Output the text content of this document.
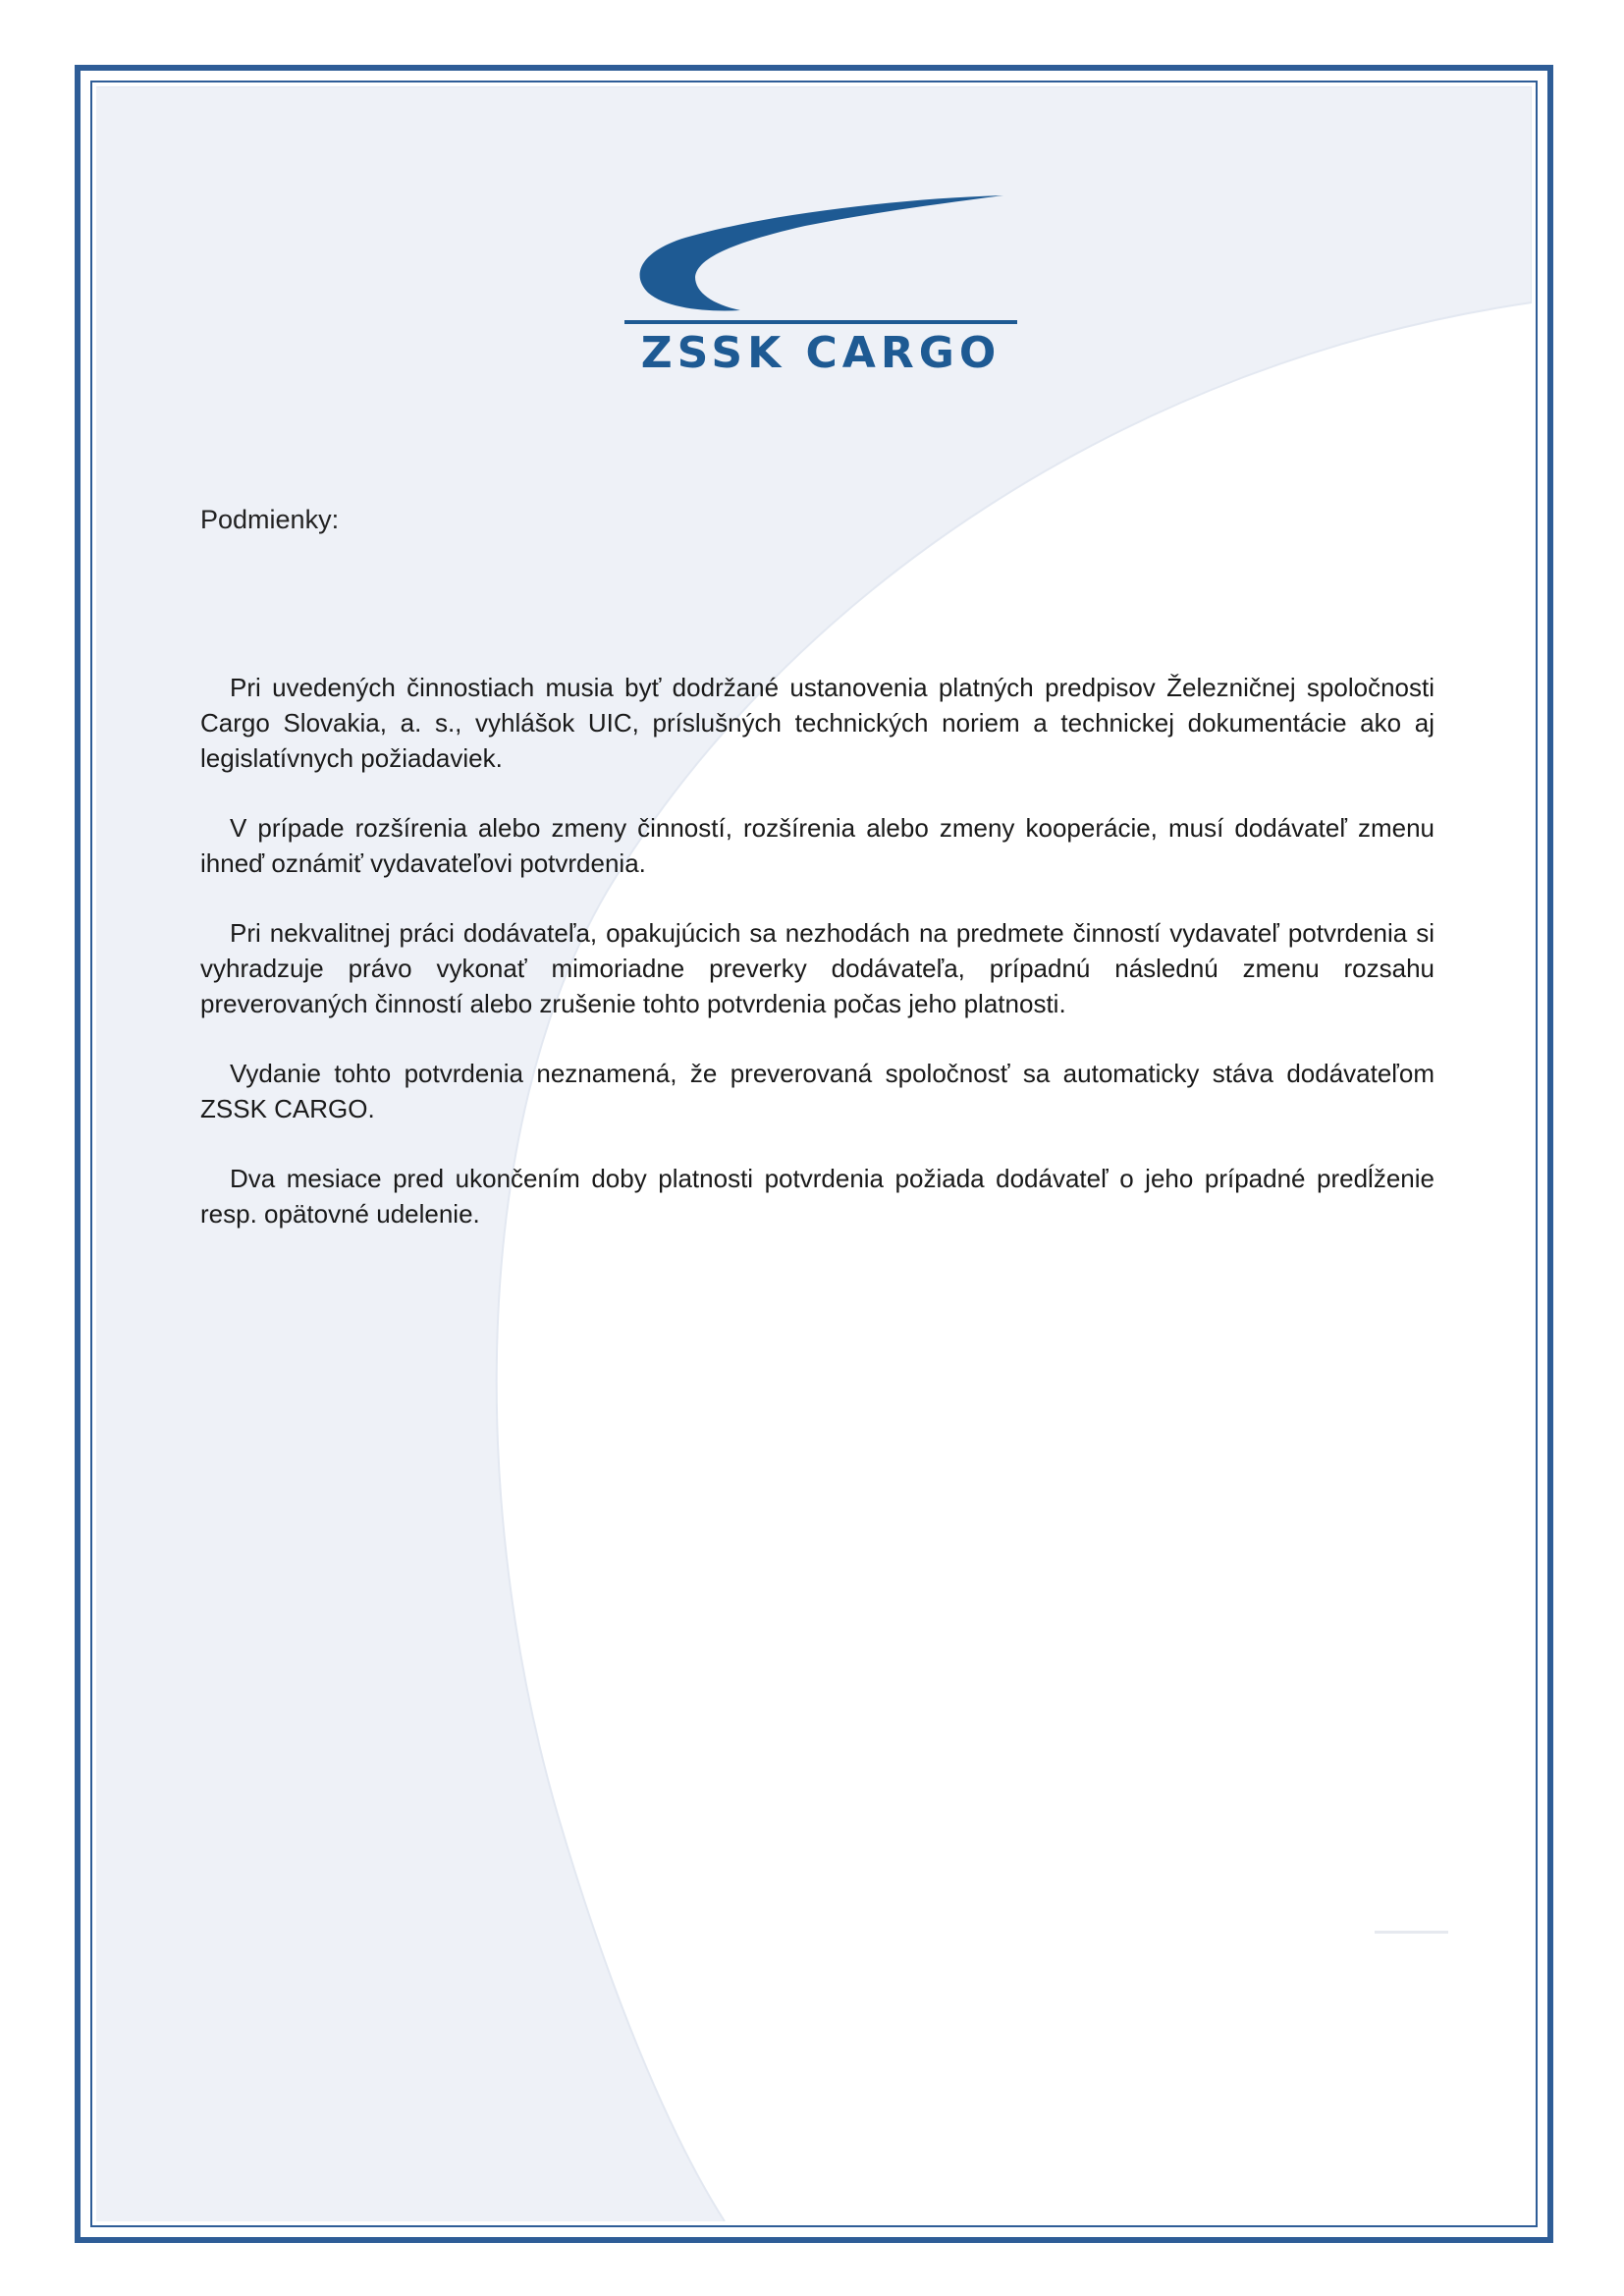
ZSSK CARGO
Podmienky:

Pri uvedených činnostiach musia byť dodržané ustanovenia platných predpisov Železničnej spoločnosti Cargo Slovakia, a. s., vyhlášok UIC, príslušných technických noriem a technickej dokumentácie ako aj legislatívnych požiadaviek.

V prípade rozšírenia alebo zmeny činností, rozšírenia alebo zmeny kooperácie, musí dodávateľ zmenu ihneď oznámiť vydavateľovi potvrdenia.

Pri nekvalitnej práci dodávateľa, opakujúcich sa nezhodách na predmete činností vydavateľ potvrdenia si vyhradzuje právo vykonať mimoriadne preverky dodávateľa, prípadnú následnú zmenu rozsahu preverovaných činností alebo zrušenie tohto potvrdenia počas jeho platnosti.

Vydanie tohto potvrdenia neznamená, že preverovaná spoločnosť sa automaticky stáva dodávateľom ZSSK CARGO.

Dva mesiace pred ukončením doby platnosti potvrdenia požiada dodávateľ o jeho prípadné predĺženie resp. opätovné udelenie.
